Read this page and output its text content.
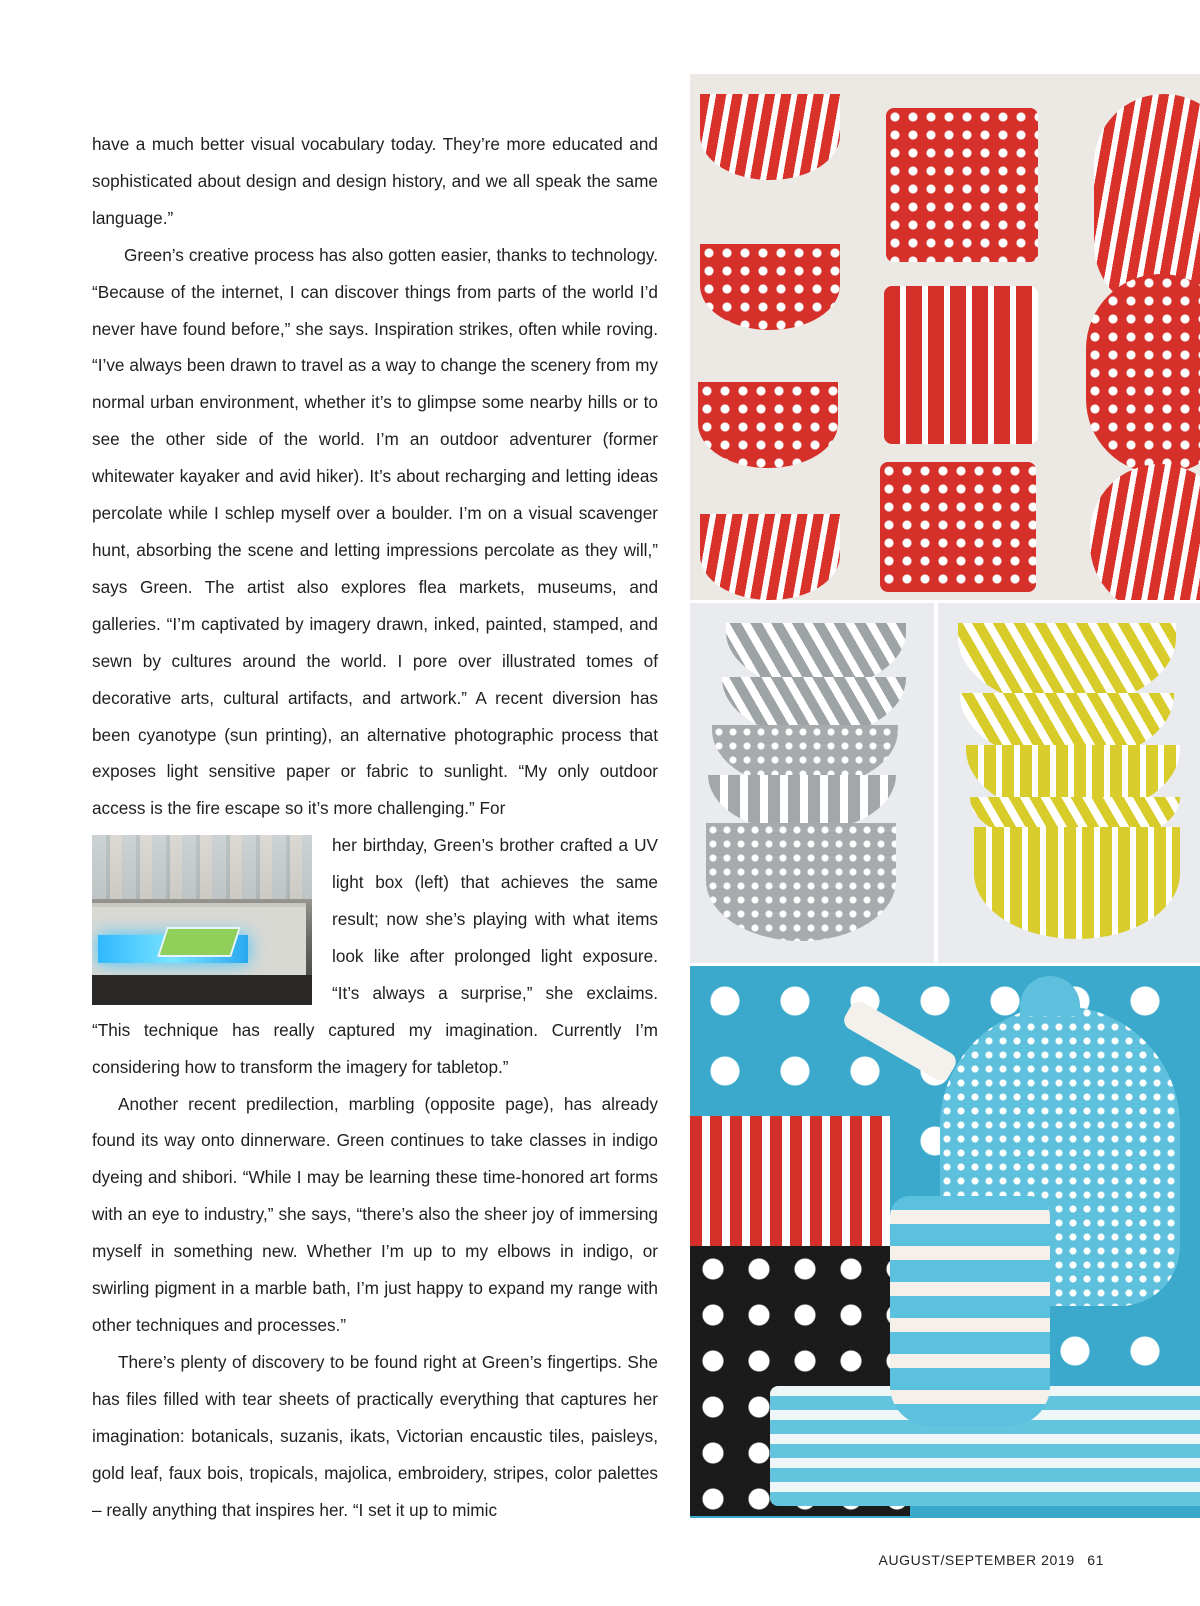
have a much better visual vocabulary today. They’re more educated and sophisticated about design and design history, and we all speak the same language.”

Green’s creative process has also gotten easier, thanks to technology. “Because of the internet, I can discover things from parts of the world I’d never have found before,” she says. Inspiration strikes, often while roving. “I’ve always been drawn to travel as a way to change the scenery from my normal urban environment, whether it’s to glimpse some nearby hills or to see the other side of the world. I’m an outdoor adventurer (former whitewater kayaker and avid hiker). It’s about recharging and letting ideas percolate while I schlep myself over a boulder. I’m on a visual scavenger hunt, absorbing the scene and letting impressions percolate as they will,” says Green. The artist also explores flea markets, museums, and galleries. “I’m captivated by imagery drawn, inked, painted, stamped, and sewn by cultures around the world. I pore over illustrated tomes of decorative arts, cultural artifacts, and artwork.” A recent diversion has been cyanotype (sun printing), an alternative photographic process that exposes light sensitive paper or fabric to sunlight. “My only outdoor access is the fire escape so it’s more challenging.” For

her birthday, Green’s brother crafted a UV light box (left) that achieves the same result; now she’s playing with what items look like after prolonged light exposure. “It’s always a surprise,” she exclaims. “This technique has really captured my imagination. Currently I’m considering how to transform the imagery for tabletop.”

Another recent predilection, marbling (opposite page), has already found its way onto dinnerware. Green continues to take classes in indigo dyeing and shibori. “While I may be learning these time-honored art forms with an eye to industry,” she says, “there’s also the sheer joy of immersing myself in something new. Whether I’m up to my elbows in indigo, or swirling pigment in a marble bath, I’m just happy to expand my range with other techniques and processes.”

There’s plenty of discovery to be found right at Green’s fingertips. She has files filled with tear sheets of practically everything that captures her imagination: botanicals, suzanis, ikats, Victorian encaustic tiles, paisleys, gold leaf, faux bois, tropicals, majolica, embroidery, stripes, color palettes – really anything that inspires her. “I set it up to mimic

AUGUST/SEPTEMBER 2019 61
